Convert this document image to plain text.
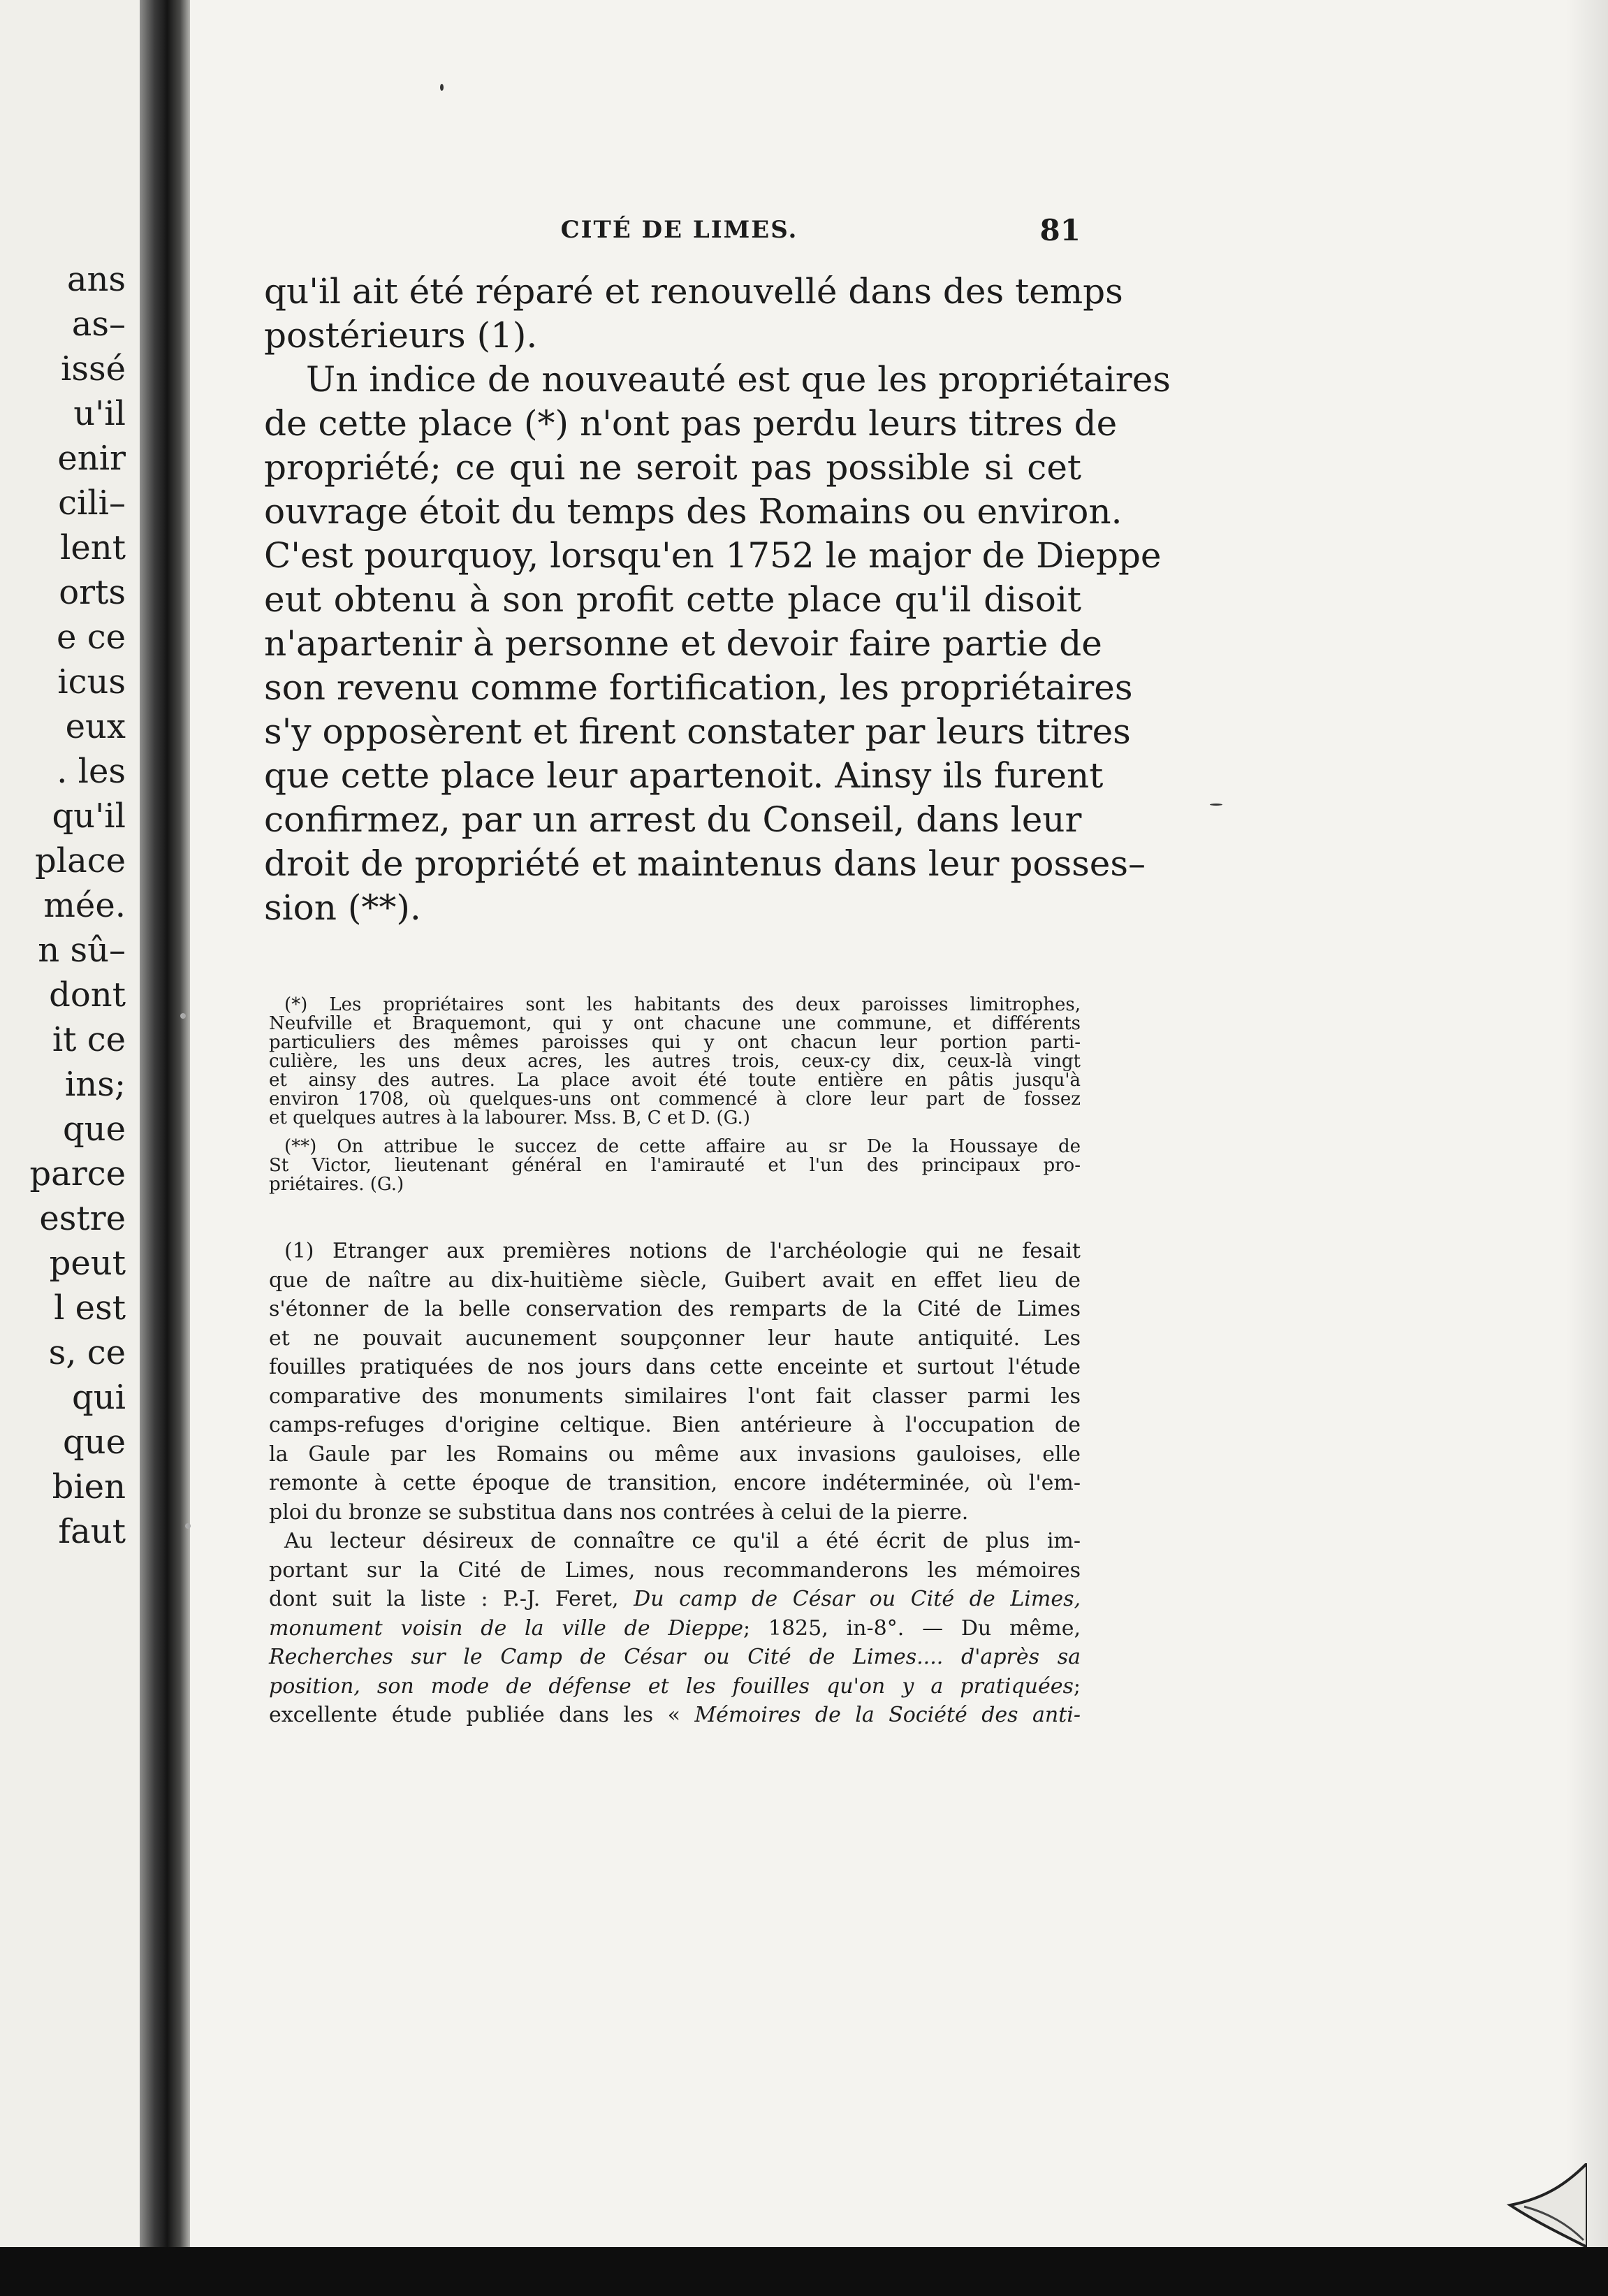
ans
as–
issé
u'il
enir
cili–
lent
orts
e ce
icus
eux
. les
qu'il
place
mée.
n sû–
dont
it ce
ins;
que
parce
estre
peut
l est
s, ce
qui
que
bien
faut
CITÉ DE LIMES.	81
qu'il ait été réparé et renouvellé dans des temps
postérieurs (1).
Un indice de nouveauté est que les propriétaires
de cette place (*) n'ont pas perdu leurs titres de
propriété; ce qui ne seroit pas possible si cet
ouvrage étoit du temps des Romains ou environ.
C'est pourquoy, lorsqu'en 1752 le major de Dieppe
eut obtenu à son profit cette place qu'il disoit
n'apartenir à personne et devoir faire partie de
son revenu comme fortification, les propriétaires
s'y opposèrent et firent constater par leurs titres
que cette place leur apartenoit. Ainsy ils furent
confirmez, par un arrest du Conseil, dans leur
droit de propriété et maintenus dans leur posses–
sion (**).
(*) Les propriétaires sont les habitants des deux paroisses limitrophes,
Neufville et Braquemont, qui y ont chacune une commune, et différents
particuliers des mêmes paroisses qui y ont chacun leur portion parti-
culière, les uns deux acres, les autres trois, ceux-cy dix, ceux-là vingt
et ainsy des autres. La place avoit été toute entière en pâtis jusqu'à
environ 1708, où quelques-uns ont commencé à clore leur part de fossez
et quelques autres à la labourer. Mss. B, C et D. (G.)
(**) On attribue le succez de cette affaire au sr De la Houssaye de
St Victor, lieutenant général en l'amirauté et l'un des principaux pro-
priétaires. (G.)
(1) Etranger aux premières notions de l'archéologie qui ne fesait
que de naître au dix-huitième siècle, Guibert avait en effet lieu de
s'étonner de la belle conservation des remparts de la Cité de Limes
et ne pouvait aucunement soupçonner leur haute antiquité. Les
fouilles pratiquées de nos jours dans cette enceinte et surtout l'étude
comparative des monuments similaires l'ont fait classer parmi les
camps-refuges d'origine celtique. Bien antérieure à l'occupation de
la Gaule par les Romains ou même aux invasions gauloises, elle
remonte à cette époque de transition, encore indéterminée, où l'em-
ploi du bronze se substitua dans nos contrées à celui de la pierre.
Au lecteur désireux de connaître ce qu'il a été écrit de plus im-
portant sur la Cité de Limes, nous recommanderons les mémoires
dont suit la liste : P.-J. Feret, Du camp de César ou Cité de Limes,
monument voisin de la ville de Dieppe; 1825, in-8°. — Du même,
Recherches sur le Camp de César ou Cité de Limes.... d'après sa
position, son mode de défense et les fouilles qu'on y a pratiquées;
excellente étude publiée dans les « Mémoires de la Société des anti-
